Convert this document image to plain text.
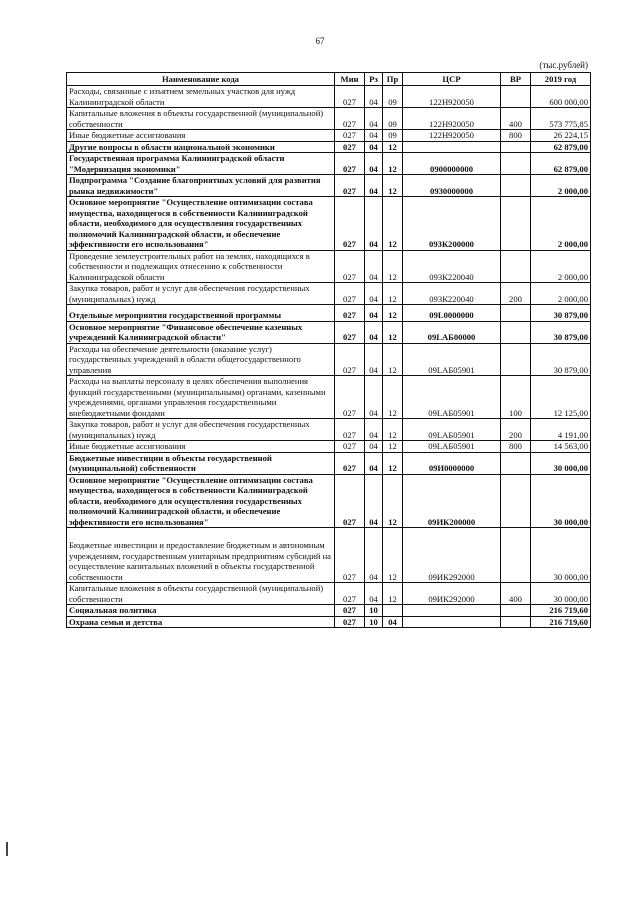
67
(тыс.рублей)
Наименование кода	Мин	Рз	Пр	ЦСР	ВР	2019 год
Расходы, связанные с изъятием земельных участков для нужд Калининградской области	027	04	09	122Н920050		600 000,00
Капитальные вложения в объекты государственной (муниципальной) собственности	027	04	09	122Н920050	400	573 775,85
Иные бюджетные ассигнования	027	04	09	122Н920050	800	26 224,15
Другие вопросы в области национальной экономики	027	04	12			62 879,00
Государственная программа Калининградской области "Модернизация экономики"	027	04	12	0900000000		62 879,00
Подпрограмма "Создание благоприятных условий для развития рынка недвижимости"	027	04	12	0930000000		2 000,00
Основное мероприятие "Осуществление оптимизации состава имущества, находящегося в собственности Калининградской области, необходимого для осуществления государственных полномочий Калининградской области, и обеспечение эффективности его использования"	027	04	12	093К200000		2 000,00
Проведение землеустроительных работ на землях, находящихся в собственности и подлежащих отнесению к собственности Калининградской области	027	04	12	093К220040		2 000,00
Закупка товаров, работ и услуг для обеспечения государственных (муниципальных) нужд	027	04	12	093К220040	200	2 000,00
Отдельные мероприятия государственной программы	027	04	12	09L0000000		30 879,00
Основное мероприятие "Финансовое обеспечение казенных учреждений Калининградской области"	027	04	12	09LАБ00000		30 879,00
Расходы на обеспечение деятельности (оказание услуг) государственных учреждений в области общегосударственного управления	027	04	12	09LАБ05901		30 879,00
Расходы на выплаты персоналу в целях обеспечения выполнения функций государственными (муниципальными) органами, казенными учреждениями, органами управления государственными внебюджетными фондами	027	04	12	09LАБ05901	100	12 125,00
Закупка товаров, работ и услуг для обеспечения государственных (муниципальных) нужд	027	04	12	09LАБ05901	200	4 191,00
Иные бюджетные ассигнования	027	04	12	09LАБ05901	800	14 563,00
Бюджетные инвестиции в объекты государственной (муниципальной) собственности	027	04	12	09И0000000		30 000,00
Основное мероприятие "Осуществление оптимизации состава имущества, находящегося в собственности Калининградской области, необходимого для осуществления государственных полномочий Калининградской области, и обеспечение эффективности его использования"	027	04	12	09ИК200000		30 000,00
Бюджетные инвестиции и предоставление бюджетным и автономным учреждениям, государственным унитарным предприятиям субсидий на осуществление капитальных вложений в объекты государственной собственности	027	04	12	09ИК292000		30 000,00
Капитальные вложения в объекты государственной (муниципальной) собственности	027	04	12	09ИК292000	400	30 000,00
Социальная политика	027	10				216 719,60
Охрана семьи и детства	027	10	04			216 719,60
